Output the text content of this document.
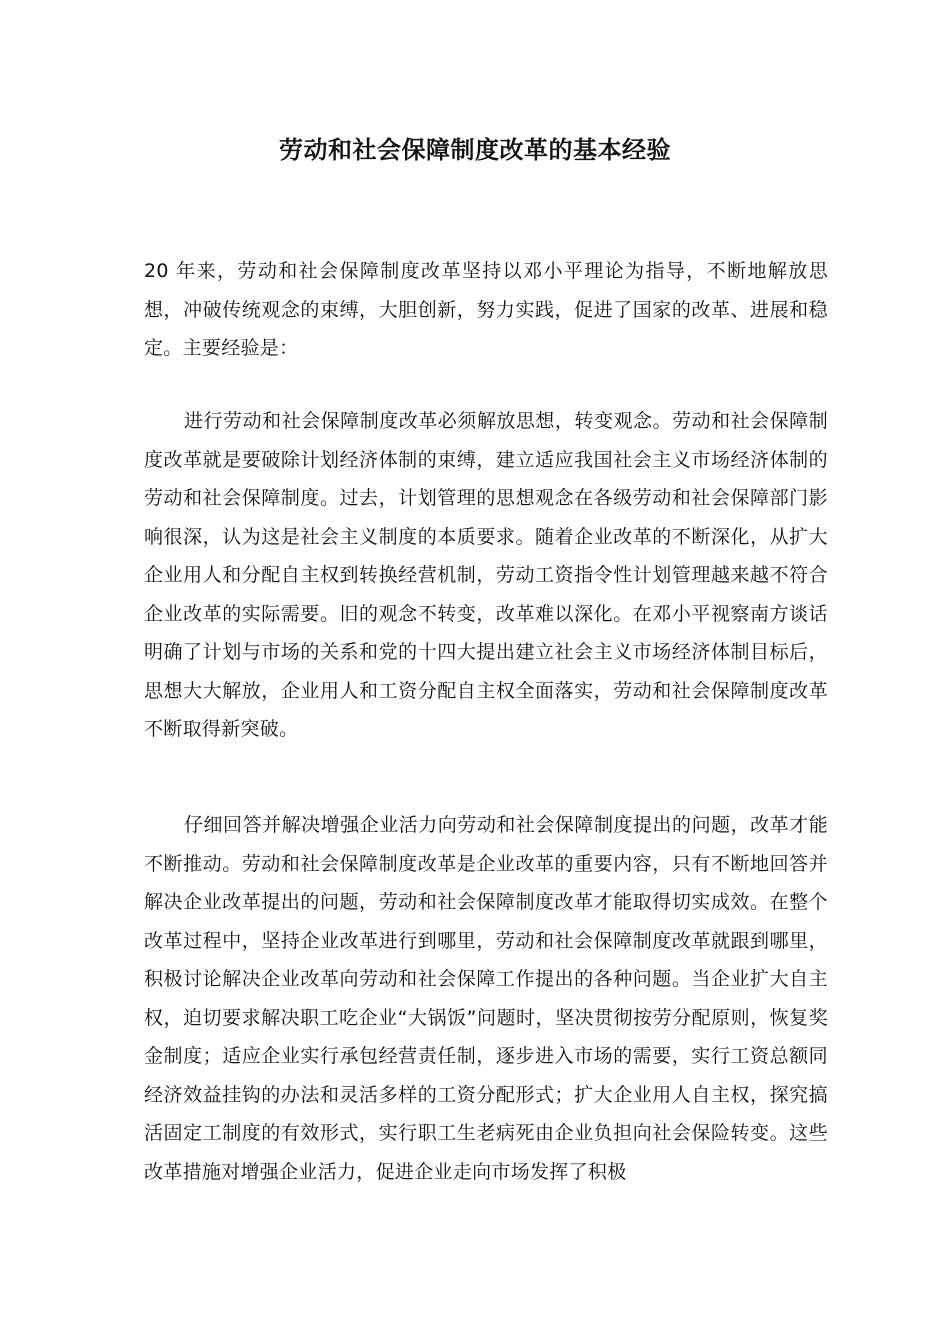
劳动和社会保障制度改革的基本经验

20 年来，劳动和社会保障制度改革坚持以邓小平理论为指导，不断地解放思想，冲破传统观念的束缚，大胆创新，努力实践，促进了国家的改革、进展和稳定。主要经验是：

进行劳动和社会保障制度改革必须解放思想，转变观念。劳动和社会保障制度改革就是要破除计划经济体制的束缚，建立适应我国社会主义市场经济体制的劳动和社会保障制度。过去，计划管理的思想观念在各级劳动和社会保障部门影响很深，认为这是社会主义制度的本质要求。随着企业改革的不断深化，从扩大企业用人和分配自主权到转换经营机制，劳动工资指令性计划管理越来越不符合企业改革的实际需要。旧的观念不转变，改革难以深化。在邓小平视察南方谈话明确了计划与市场的关系和党的十四大提出建立社会主义市场经济体制目标后，思想大大解放，企业用人和工资分配自主权全面落实，劳动和社会保障制度改革不断取得新突破。

仔细回答并解决增强企业活力向劳动和社会保障制度提出的问题，改革才能不断推动。劳动和社会保障制度改革是企业改革的重要内容，只有不断地回答并解决企业改革提出的问题，劳动和社会保障制度改革才能取得切实成效。在整个改革过程中，坚持企业改革进行到哪里，劳动和社会保障制度改革就跟到哪里，积极讨论解决企业改革向劳动和社会保障工作提出的各种问题。当企业扩大自主权，迫切要求解决职工吃企业“大锅饭”问题时，坚决贯彻按劳分配原则，恢复奖金制度；适应企业实行承包经营责任制，逐步进入市场的需要，实行工资总额同经济效益挂钩的办法和灵活多样的工资分配形式；扩大企业用人自主权，探究搞活固定工制度的有效形式，实行职工生老病死由企业负担向社会保险转变。这些改革措施对增强企业活力，促进企业走向市场发挥了积极
